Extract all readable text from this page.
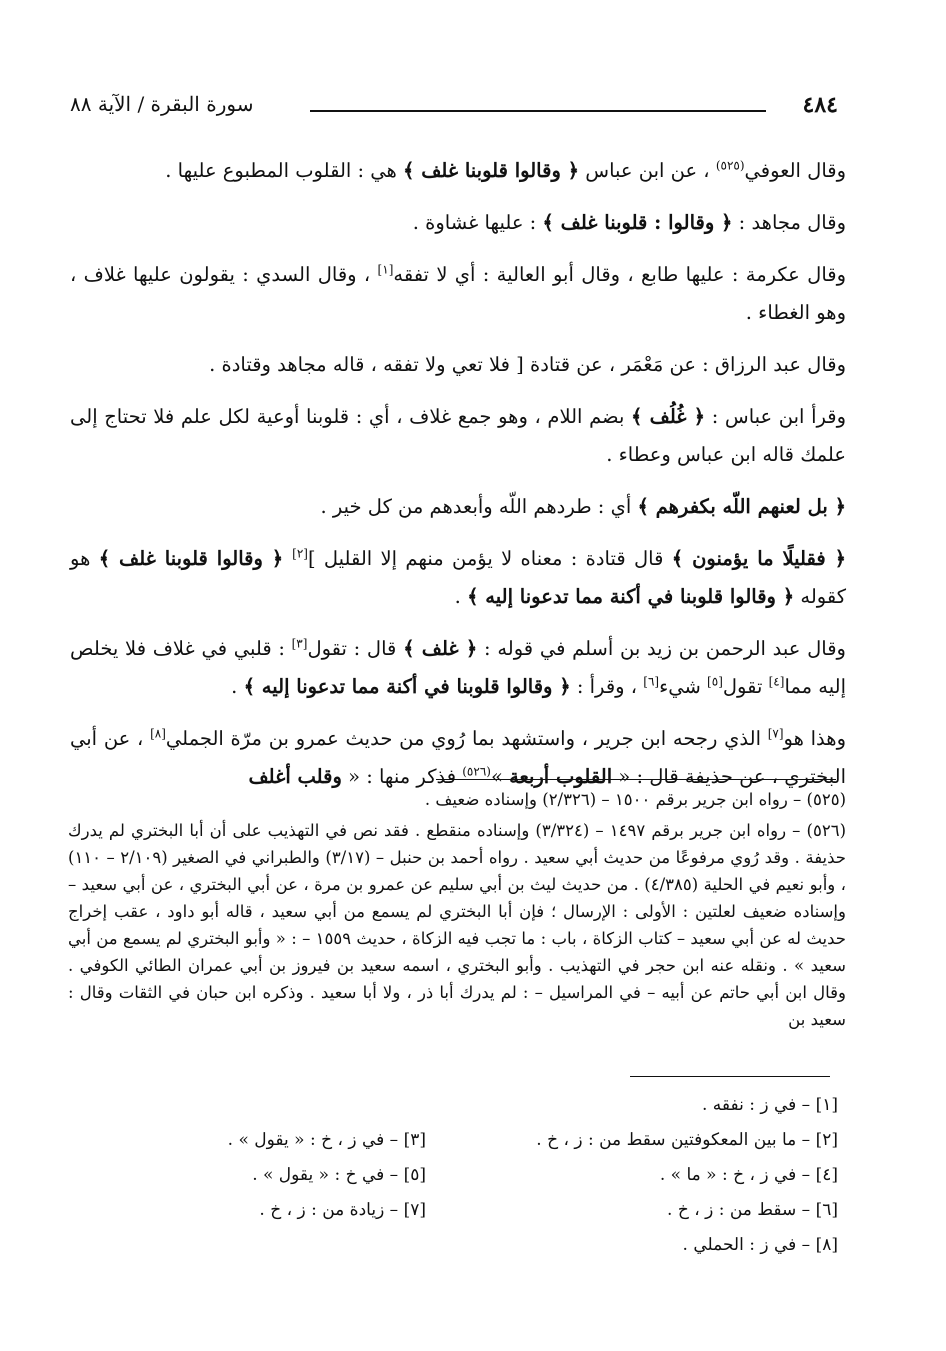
٤٨٤
سورة البقرة / الآية ٨٨

وقال العوفي$^{(٥٢٥)}$ ، عن ابن عباس ﴿ وقالوا قلوبنا غلف ﴾ هي : القلوب المطبوع عليها .

وقال مجاهد : ﴿ وقالوا : قلوبنا غلف ﴾ : عليها غشاوة .

وقال عكرمة : عليها طابع ، وقال أبو العالية : أي لا تفقه[١] ، وقال السدي : يقولون عليها غلاف ، وهو الغطاء .

وقال عبد الرزاق : عن مَعْمَر ، عن قتادة [ فلا تعي ولا تفقه ، قاله مجاهد وقتادة .

وقرأ ابن عباس : ﴿ غُلُف ﴾ بضم اللام ، وهو جمع غلاف ، أي : قلوبنا أوعية لكل علم فلا تحتاج إلى علمك قاله ابن عباس وعطاء .

﴿ بل لعنهم اللّه بكفرهم ﴾ أي : طردهم اللّه وأبعدهم من كل خير .

﴿ فقليلًا ما يؤمنون ﴾ قال قتادة : معناه لا يؤمن منهم إلا القليل ][٢] ﴿ وقالوا قلوبنا غلف ﴾ هو كقوله ﴿ وقالوا قلوبنا في أكنة مما تدعونا إليه ﴾ .

وقال عبد الرحمن بن زيد بن أسلم في قوله : ﴿ غلف ﴾ قال : تقول[٣] : قلبي في غلاف فلا يخلص إليه مما[٤] تقول[٥] شيء[٦] ، وقرأ : ﴿ وقالوا قلوبنا في أكنة مما تدعونا إليه ﴾ .

وهذا هو[٧] الذي رجحه ابن جرير ، واستشهد بما رُوي من حديث عمرو بن مرّة الجملي[٨] ، عن أبي البختري ، عن حذيفة قال : « القلوب أربعة »$^{(٥٢٦)}$ فذكر منها : « وقلب أغلف

(٥٢٥) – رواه ابن جرير برقم ١٥٠٠ – (٢/٣٢٦) وإسناده ضعيف .

(٥٢٦) – رواه ابن جرير برقم ١٤٩٧ – (٣/٣٢٤) وإسناده منقطع . فقد نص في التهذيب على أن أبا البختري لم يدرك حذيفة . وقد رُوي مرفوعًا من حديث أبي سعيد . رواه أحمد بن حنبل – (٣/١٧) والطبراني في الصغير (٢/١٠٩ – ١١٠) ، وأبو نعيم في الحلية (٤/٣٨٥) . من حديث ليث بن أبي سليم عن عمرو بن مرة ، عن أبي البختري ، عن أبي سعيد – وإسناده ضعيف لعلتين : الأولى : الإرسال ؛ فإن أبا البختري لم يسمع من أبي سعيد ، قاله أبو داود ، عقب إخراج حديث له عن أبي سعيد – كتاب الزكاة ، باب : ما تجب فيه الزكاة ، حديث ١٥٥٩ – : « وأبو البختري لم يسمع من أبي سعيد » . ونقله عنه ابن حجر في التهذيب . وأبو البختري ، اسمه سعيد بن فيروز بن أبي عمران الطائي الكوفي . وقال ابن أبي حاتم عن أبيه – في المراسيل – : لم يدرك أبا ذر ، ولا أبا سعيد . وذكره ابن حبان في الثقات وقال : سعيد بن

[١] – في ز : نفقه .
[٢] – ما بين المعكوفتين سقط من : ز ، خ .
[٣] – في ز ، خ : « يقول » .
[٤] – في ز ، خ : « ما » .
[٥] – في خ : « يقول » .
[٦] – سقط من : ز ، خ .
[٧] – زيادة من : ز ، خ .
[٨] – في ز : الحملي .
